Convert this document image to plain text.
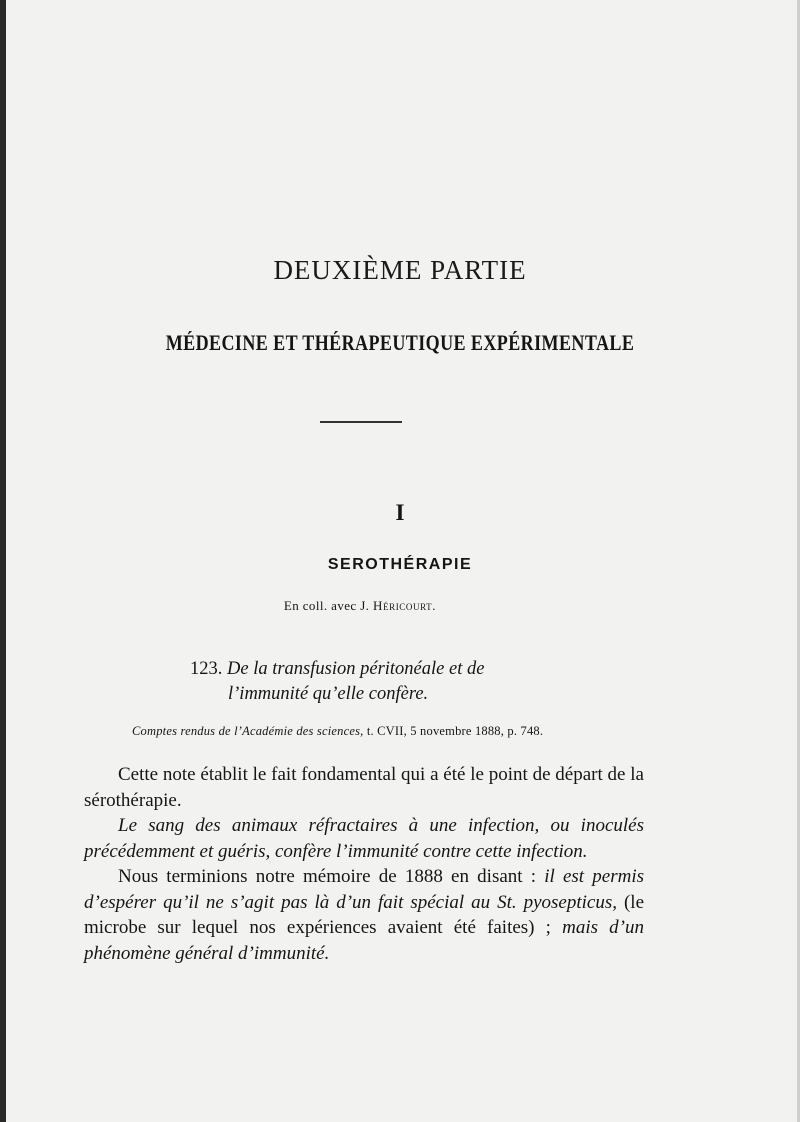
DEUXIÈME PARTIE
MÉDECINE ET THÉRAPEUTIQUE EXPÉRIMENTALE
I
SEROTHÉRAPIE
En coll. avec J. Héricourt.
123. De la transfusion péritonéale et de
l’immunité qu’elle confère.
Comptes rendus de l’Académie des sciences, t. CVII, 5 novembre 1888, p. 748.

Cette note établit le fait fondamental qui a été le point de départ de la sérothérapie.

Le sang des animaux réfractaires à une infection, ou inoculés précédemment et guéris, confère l’immunité contre cette infection.

Nous terminions notre mémoire de 1888 en disant : il est permis d’espérer qu’il ne s’agit pas là d’un fait spécial au St. pyosepticus, (le microbe sur lequel nos expériences avaient été faites) ; mais d’un phénomène général d’immunité.
